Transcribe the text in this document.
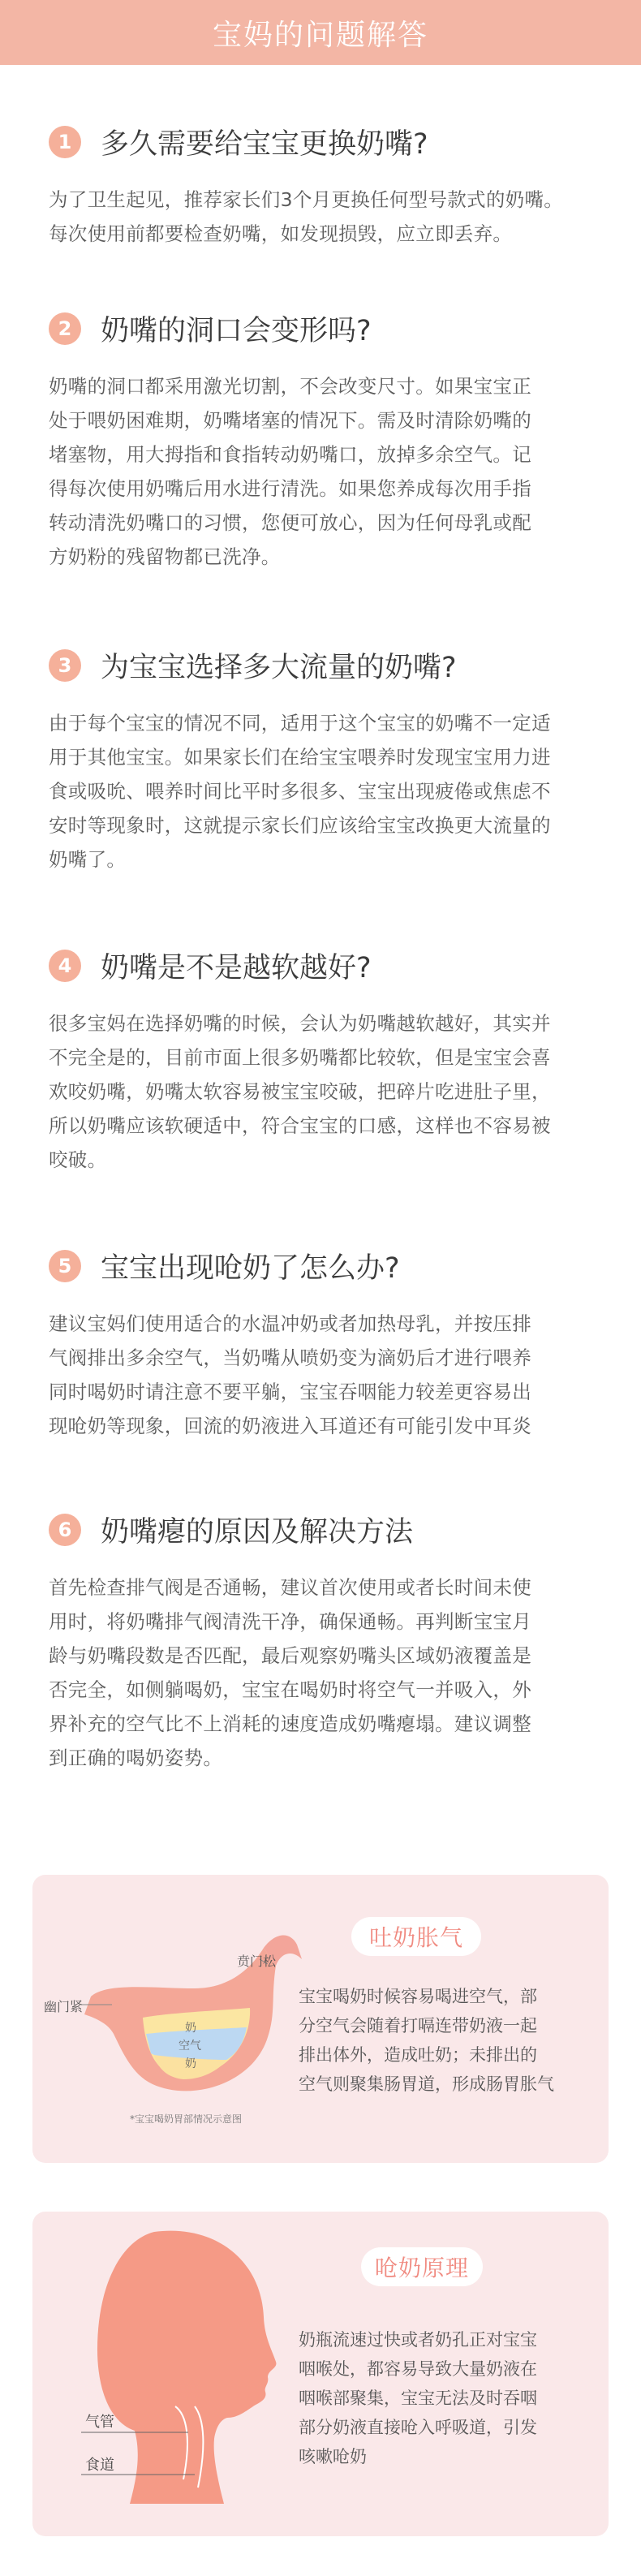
宝妈的问题解答
1	多久需要给宝宝更换奶嘴?
为了卫生起见，推荐家长们3个月更换任何型号款式的奶嘴。
每次使用前都要检查奶嘴，如发现损毁，应立即丢弃。
2	奶嘴的洞口会变形吗?
奶嘴的洞口都采用激光切割，不会改变尺寸。如果宝宝正
处于喂奶困难期，奶嘴堵塞的情况下。需及时清除奶嘴的
堵塞物，用大拇指和食指转动奶嘴口，放掉多余空气。记
得每次使用奶嘴后用水进行清洗。如果您养成每次用手指
转动清洗奶嘴口的习惯，您便可放心，因为任何母乳或配
方奶粉的残留物都已洗净。
3	为宝宝选择多大流量的奶嘴?
由于每个宝宝的情况不同，适用于这个宝宝的奶嘴不一定适
用于其他宝宝。如果家长们在给宝宝喂养时发现宝宝用力进
食或吸吮、喂养时间比平时多很多、宝宝出现疲倦或焦虑不
安时等现象时，这就提示家长们应该给宝宝改换更大流量的
奶嘴了。
4	奶嘴是不是越软越好?
很多宝妈在选择奶嘴的时候，会认为奶嘴越软越好，其实并
不完全是的，目前市面上很多奶嘴都比较软，但是宝宝会喜
欢咬奶嘴，奶嘴太软容易被宝宝咬破，把碎片吃进肚子里，
所以奶嘴应该软硬适中，符合宝宝的口感，这样也不容易被
咬破。
5	宝宝出现呛奶了怎么办?
建议宝妈们使用适合的水温冲奶或者加热母乳，并按压排
气阀排出多余空气，当奶嘴从喷奶变为滴奶后才进行喂养
同时喝奶时请注意不要平躺，宝宝吞咽能力较差更容易出
现呛奶等现象，回流的奶液进入耳道还有可能引发中耳炎
6	奶嘴瘪的原因及解决方法
首先检查排气阀是否通畅，建议首次使用或者长时间未使
用时，将奶嘴排气阀清洗干净，确保通畅。再判断宝宝月
龄与奶嘴段数是否匹配，最后观察奶嘴头区域奶液覆盖是
否完全，如侧躺喝奶，宝宝在喝奶时将空气一并吸入，外
界补充的空气比不上消耗的速度造成奶嘴瘪塌。建议调整
到正确的喝奶姿势。
贲门松
幽门紧
奶
空气
奶
*宝宝喝奶胃部情况示意图
吐奶胀气
宝宝喝奶时候容易喝进空气，部
分空气会随着打嗝连带奶液一起
排出体外，造成吐奶；未排出的
空气则聚集肠胃道，形成肠胃胀气
气管
食道
呛奶原理
奶瓶流速过快或者奶孔正对宝宝
咽喉处，都容易导致大量奶液在
咽喉部聚集，宝宝无法及时吞咽
部分奶液直接呛入呼吸道，引发
咳嗽呛奶
